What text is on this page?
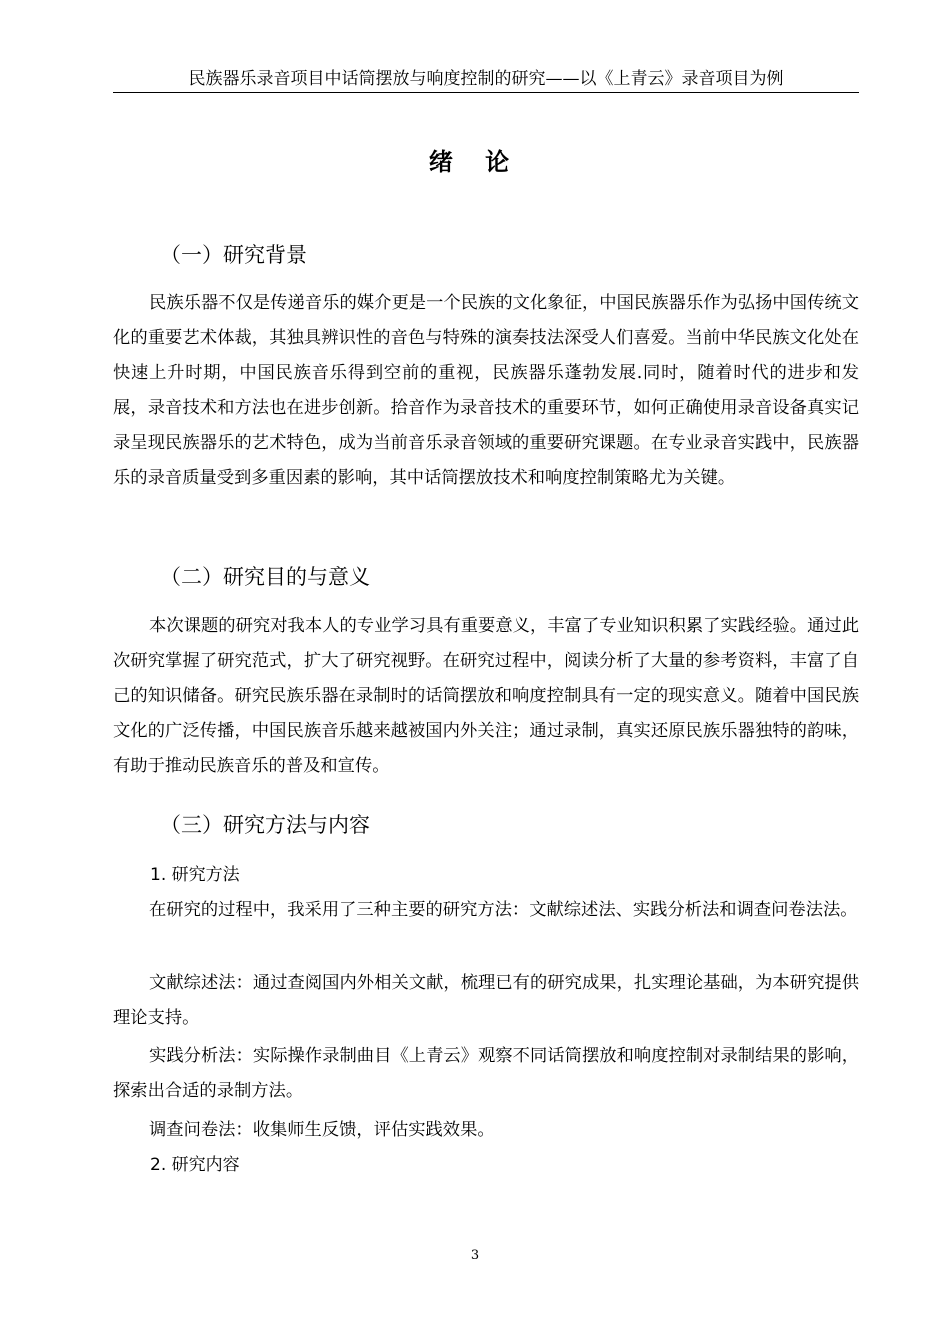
民族器乐录音项目中话筒摆放与响度控制的研究——以《上青云》录音项目为例
绪 论
（一）研究背景

民族乐器不仅是传递音乐的媒介更是一个民族的文化象征，中国民族器乐作为弘扬中国传统文化的重要艺术体裁，其独具辨识性的音色与特殊的演奏技法深受人们喜爱。当前中华民族文化处在快速上升时期，中国民族音乐得到空前的重视，民族器乐蓬勃发展.同时，随着时代的进步和发展，录音技术和方法也在进步创新。拾音作为录音技术的重要环节，如何正确使用录音设备真实记录呈现民族器乐的艺术特色，成为当前音乐录音领域的重要研究课题。在专业录音实践中，民族器乐的录音质量受到多重因素的影响，其中话筒摆放技术和响度控制策略尤为关键。

（二）研究目的与意义

本次课题的研究对我本人的专业学习具有重要意义，丰富了专业知识积累了实践经验。通过此次研究掌握了研究范式，扩大了研究视野。在研究过程中，阅读分析了大量的参考资料，丰富了自己的知识储备。研究民族乐器在录制时的话筒摆放和响度控制具有一定的现实意义。随着中国民族文化的广泛传播，中国民族音乐越来越被国内外关注；通过录制，真实还原民族乐器独特的韵味，有助于推动民族音乐的普及和宣传。

（三）研究方法与内容
1. 研究方法

在研究的过程中，我采用了三种主要的研究方法：文献综述法、实践分析法和调查问卷法法。

文献综述法：通过查阅国内外相关文献，梳理已有的研究成果，扎实理论基础，为本研究提供理论支持。

实践分析法：实际操作录制曲目《上青云》观察不同话筒摆放和响度控制对录制结果的影响，探索出合适的录制方法。

调查问卷法：收集师生反馈，评估实践效果。

2. 研究内容
3
